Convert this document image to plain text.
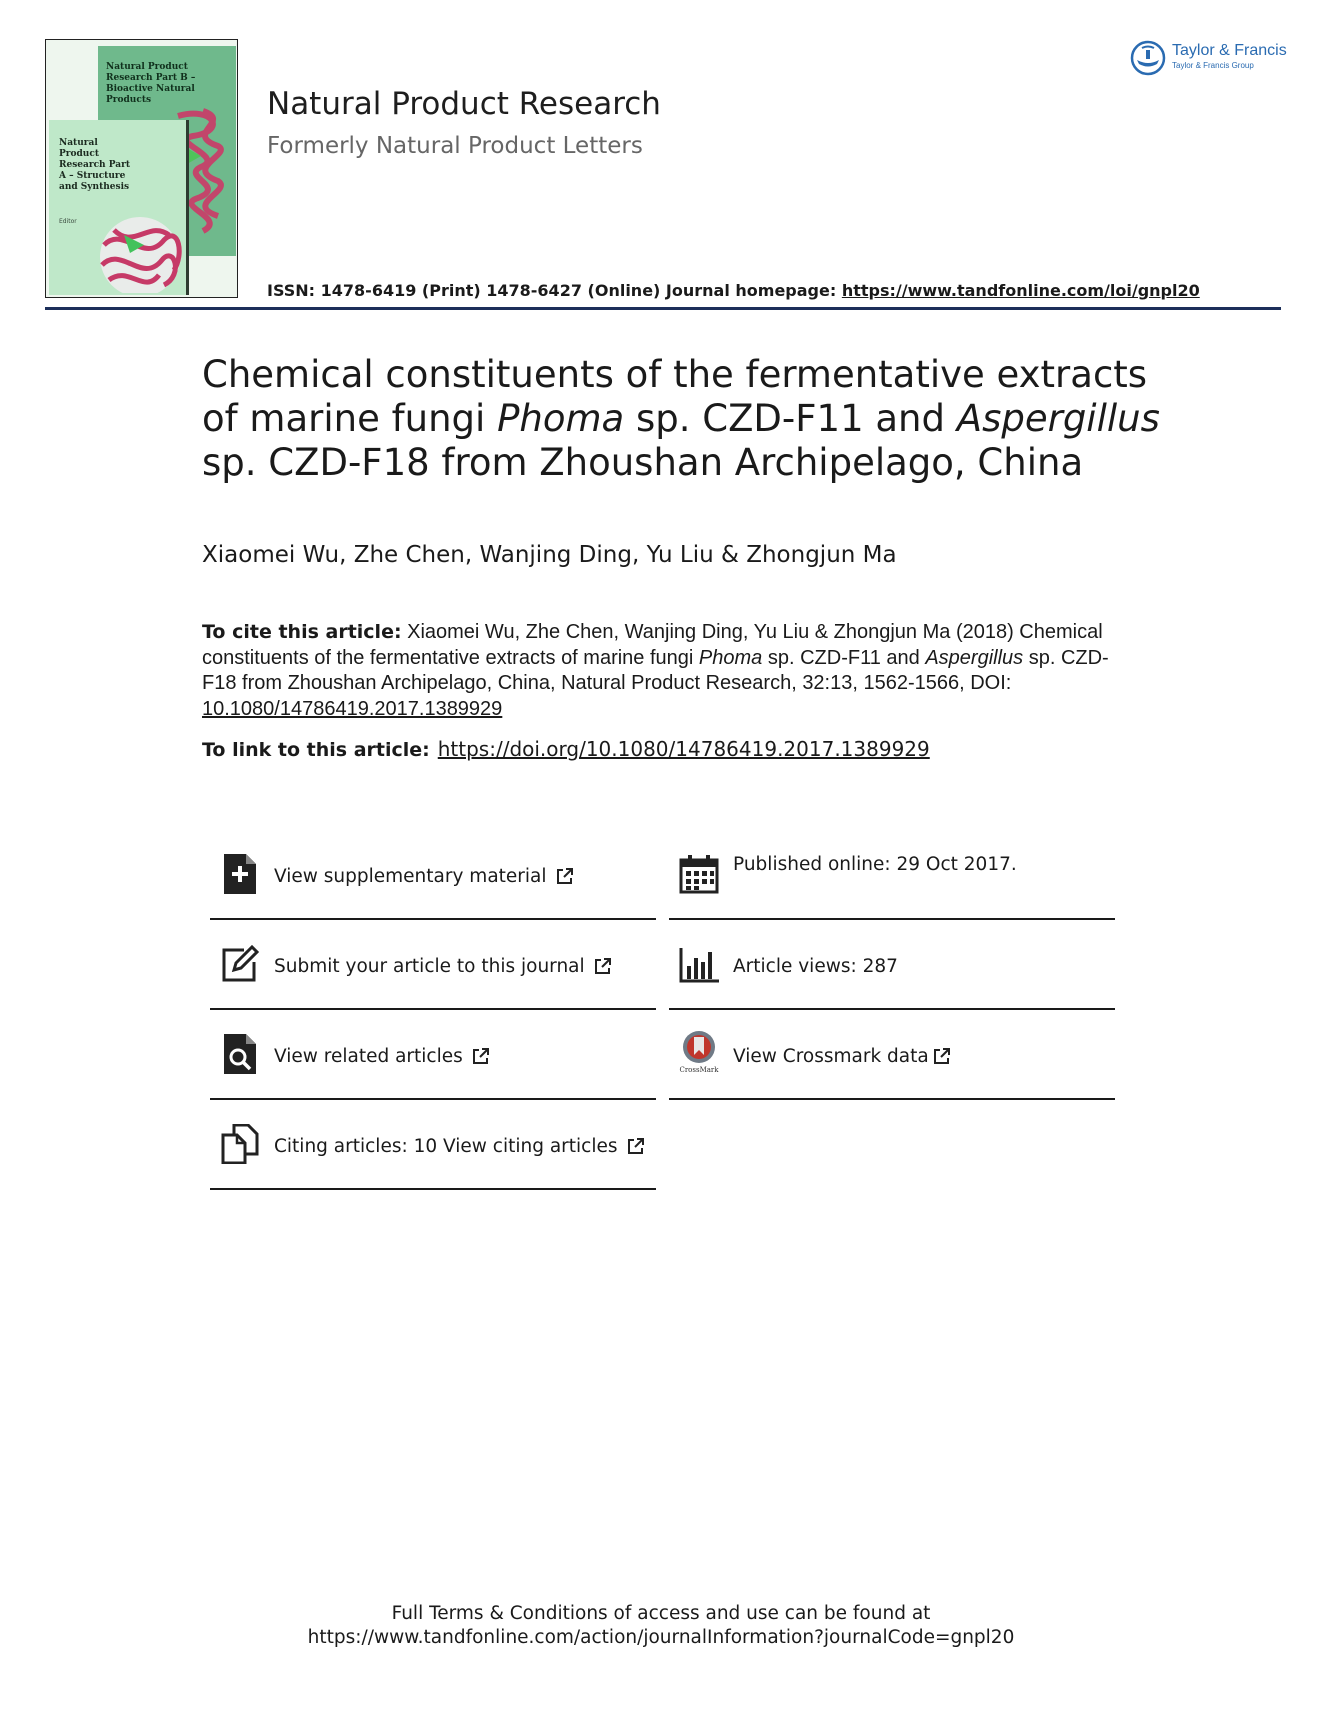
Natural Product Research Part B – Bioactive Natural Products
Natural Product Research Part A – Structure and Synthesis
Editor
Natural Product Research
Formerly Natural Product Letters
ISSN: 1478-6419 (Print) 1478-6427 (Online) Journal homepage: https://www.tandfonline.com/loi/gnpl20
Taylor & Francis
Taylor & Francis Group
Chemical constituents of the fermentative extracts of marine fungi Phoma sp. CZD-F11 and Aspergillus sp. CZD-F18 from Zhoushan Archipelago, China
Xiaomei Wu, Zhe Chen, Wanjing Ding, Yu Liu & Zhongjun Ma
To cite this article: Xiaomei Wu, Zhe Chen, Wanjing Ding, Yu Liu & Zhongjun Ma (2018) Chemical constituents of the fermentative extracts of marine fungi Phoma sp. CZD-F11 and Aspergillus sp. CZD-F18 from Zhoushan Archipelago, China, Natural Product Research, 32:13, 1562-1566, DOI: 10.1080/14786419.2017.1389929
To link to this article: https://doi.org/10.1080/14786419.2017.1389929
View supplementary material
Published online: 29 Oct 2017.
Submit your article to this journal	Article views: 287
View related articles
CrossMark
View Crossmark data
Citing articles: 10 View citing articles
Full Terms & Conditions of access and use can be found at
https://www.tandfonline.com/action/journalInformation?journalCode=gnpl20
